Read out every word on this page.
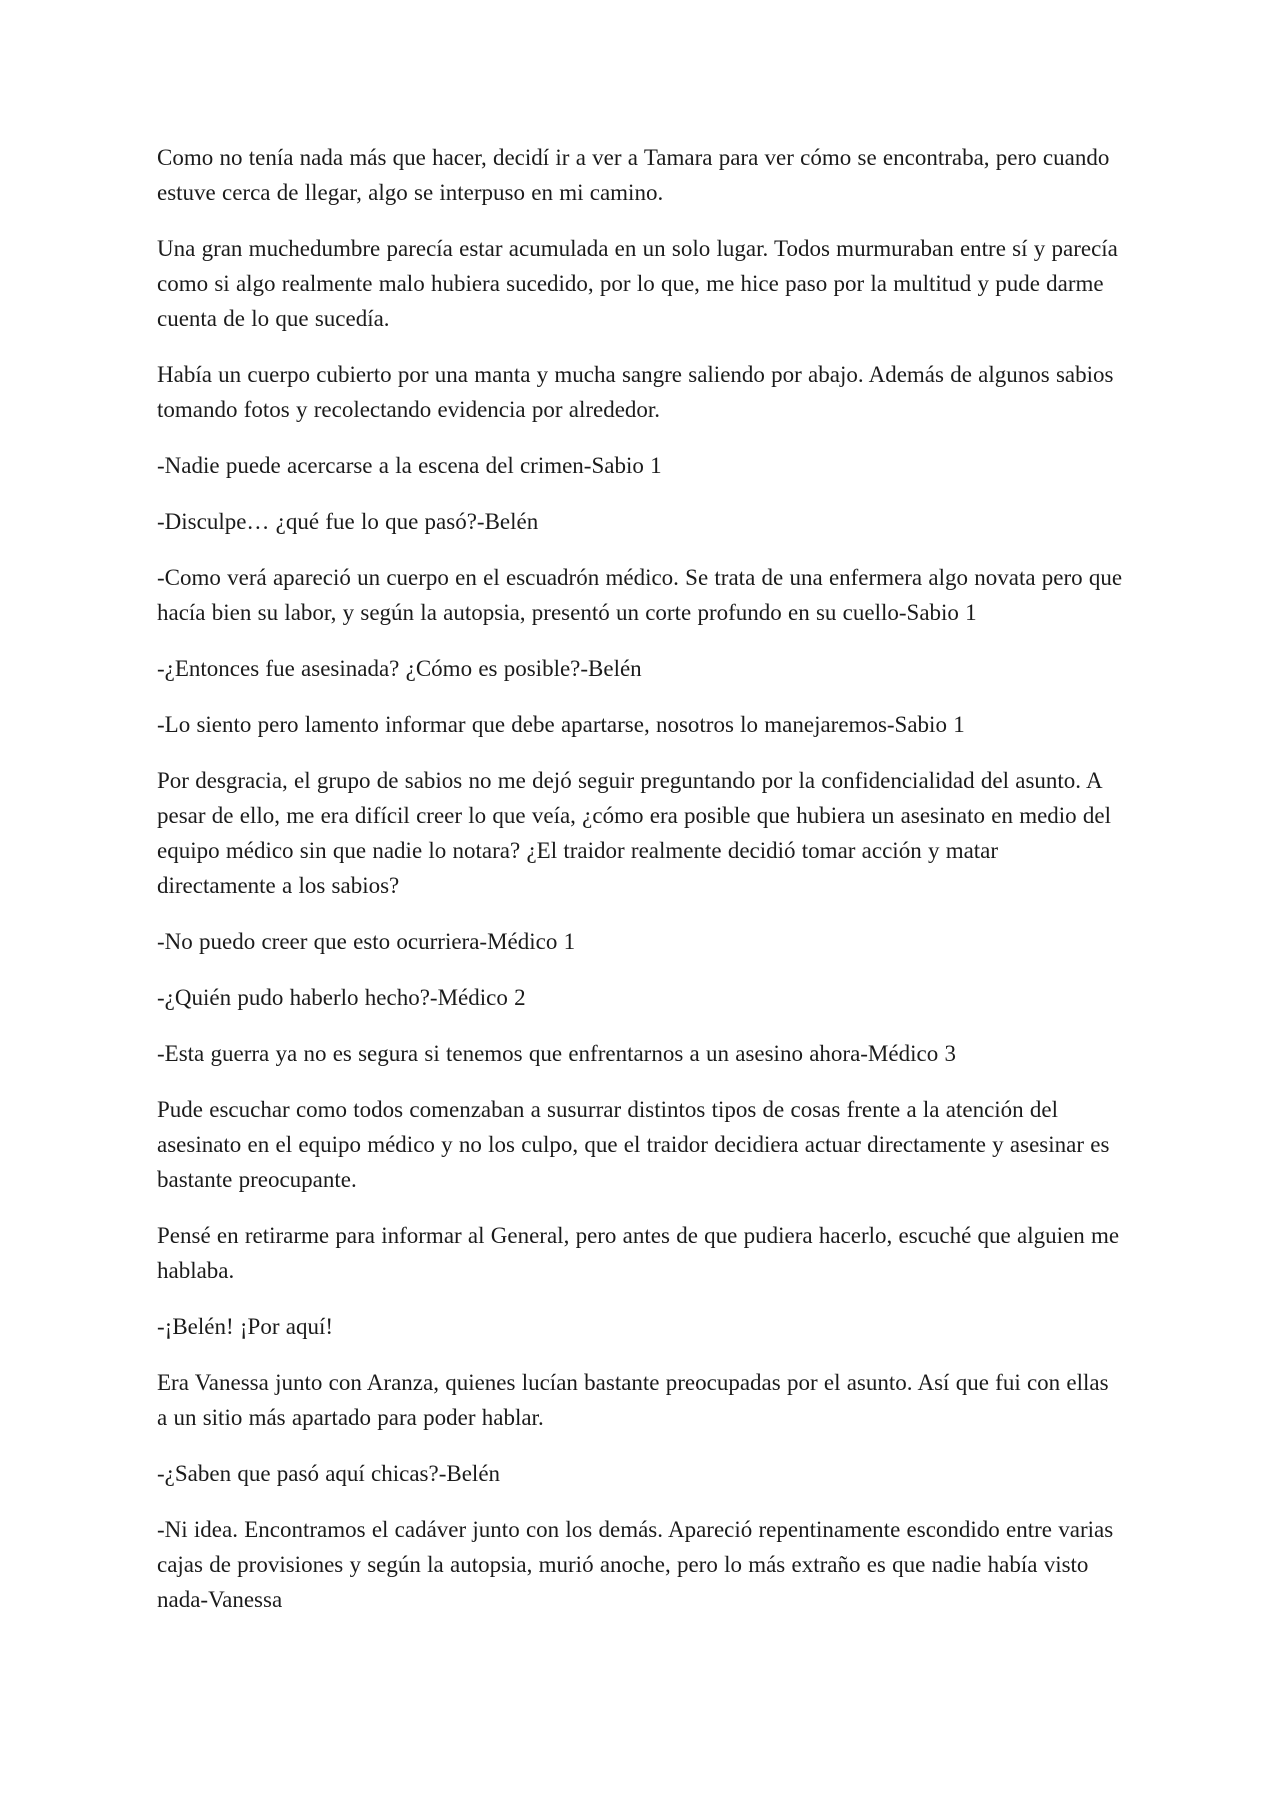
Como no tenía nada más que hacer, decidí ir a ver a Tamara para ver cómo se encontraba, pero cuando estuve cerca de llegar, algo se interpuso en mi camino.

Una gran muchedumbre parecía estar acumulada en un solo lugar. Todos murmuraban entre sí y parecía como si algo realmente malo hubiera sucedido, por lo que, me hice paso por la multitud y pude darme cuenta de lo que sucedía.

Había un cuerpo cubierto por una manta y mucha sangre saliendo por abajo. Además de algunos sabios tomando fotos y recolectando evidencia por alrededor.

-Nadie puede acercarse a la escena del crimen-Sabio 1

-Disculpe… ¿qué fue lo que pasó?-Belén

-Como verá apareció un cuerpo en el escuadrón médico. Se trata de una enfermera algo novata pero que hacía bien su labor, y según la autopsia, presentó un corte profundo en su cuello-Sabio 1

-¿Entonces fue asesinada? ¿Cómo es posible?-Belén

-Lo siento pero lamento informar que debe apartarse, nosotros lo manejaremos-Sabio 1

Por desgracia, el grupo de sabios no me dejó seguir preguntando por la confidencialidad del asunto. A pesar de ello, me era difícil creer lo que veía, ¿cómo era posible que hubiera un asesinato en medio del equipo médico sin que nadie lo notara? ¿El traidor realmente decidió tomar acción y matar directamente a los sabios?

-No puedo creer que esto ocurriera-Médico 1

-¿Quién pudo haberlo hecho?-Médico 2

-Esta guerra ya no es segura si tenemos que enfrentarnos a un asesino ahora-Médico 3

Pude escuchar como todos comenzaban a susurrar distintos tipos de cosas frente a la atención del asesinato en el equipo médico y no los culpo, que el traidor decidiera actuar directamente y asesinar es bastante preocupante.

Pensé en retirarme para informar al General, pero antes de que pudiera hacerlo, escuché que alguien me hablaba.

-¡Belén! ¡Por aquí!

Era Vanessa junto con Aranza, quienes lucían bastante preocupadas por el asunto. Así que fui con ellas a un sitio más apartado para poder hablar.

-¿Saben que pasó aquí chicas?-Belén

-Ni idea. Encontramos el cadáver junto con los demás. Apareció repentinamente escondido entre varias cajas de provisiones y según la autopsia, murió anoche, pero lo más extraño es que nadie había visto nada-Vanessa
